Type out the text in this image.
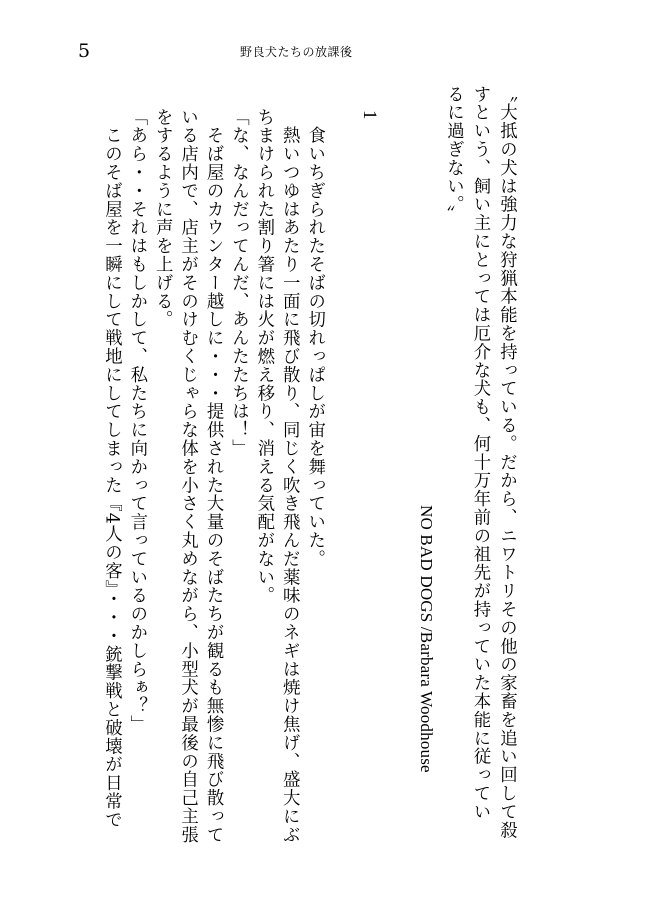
5	野良犬たちの放課後
〝大抵の犬は強力な狩猟本能を持っている。だから、ニワトリその他の家畜を追い回して殺
すという、飼い主にとっては厄介な犬も、何十万年前の祖先が持っていた本能に従ってい
るに過ぎない。〟
NO BAD DOGS /Barbara Woodhouse
1
　食いちぎられたそばの切れっぱしが宙を舞っていた。
　熱いつゆはあたり一面に飛び散り、同じく吹き飛んだ薬味のネギは焼け焦げ、盛大にぶ
ちまけられた割り箸には火が燃え移り、消える気配がない。
「な、なんだってんだ、あんたたちは！」
　そば屋のカウンター越しに・・・提供された大量のそばたちが観るも無惨に飛び散って
いる店内で、店主がそのけむくじゃらな体を小さく丸めながら、小型犬が最後の自己主張
をするように声を上げる。
「あら・・それはもしかして、私たちに向かって言っているのかしらぁ？」
　このそば屋を一瞬にして戦地にしてしまった『4人の客』・・・銃撃戦と破壊が日常で
